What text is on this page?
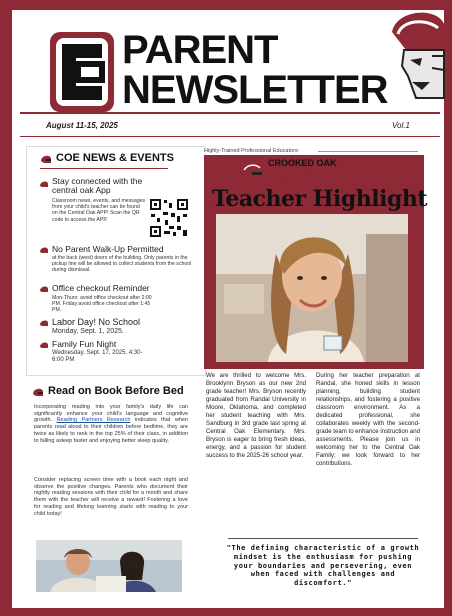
PARENT
NEWSLETTER
August 11-15, 2025	Vol.1
COE NEWS & EVENTS
Stay connected with the central oak App
Classroom news, events, and messages from your child's teacher can be found on the Central Oak APP! Scan the QR code to access the APP.
No Parent Walk-Up Permitted
at the back (west) doors of the building. Only parents in the pickup line will be allowed to collect students from the school during dismissal.
Office checkout Reminder
Mon-Thurs: avoid office checkout after 2:00 PM. Friday:avoid office checkout after 1:45 PM.
Labor Day! No School
Monday, Sept. 1, 2025.
Family Fun Night
Wednesday, Sept. 17, 2025, 4:30-6:00 PM
Read on Book Before Bed
Incorporating reading into your family's daily life can significantly enhance your child's language and cognitive growth. Reading Partners Research indicates that when parents read aloud to their children before bedtime, they are twice as likely to rank in the top 25% of their class, in addition to falling asleep faster and enjoying better sleep quality.
Consider replacing screen time with a book each night and observe the positive changes. Parents who document their nightly reading sessions with their child for a month and share them with the teacher will receive a reward! Fostering a love for reading and lifelong learning starts with reading to your child today!
Highly-Trained Professional Educators:
CROOKED OAK
RUF-NEX
Teacher Highlight
We are thrilled to welcome Mrs. Brooklynn Bryson as our new 2nd grade teacher! Mrs. Bryson recently graduated from Randal University in Moore, Oklahoma, and completed her student teaching with Mrs. Sandburg in 3rd grade last spring at Central Oak Elementary. Mrs. Bryson is eager to bring fresh ideas, energy, and a passion for student success to the 2025-26 school year.
During her teacher preparation at Randal, she honed skills in lesson planning, building student relationships, and fostering a positive classroom environment. As a dedicated professional, she collaborates weekly with the second-grade team to enhance instruction and assessments. Please join us in welcoming her to the Central Oak Family; we look forward to her contributions.
"The defining characteristic of a growth mindset is the enthusiasm for pushing your boundaries and persevering, even when faced with challenges and discomfort."
